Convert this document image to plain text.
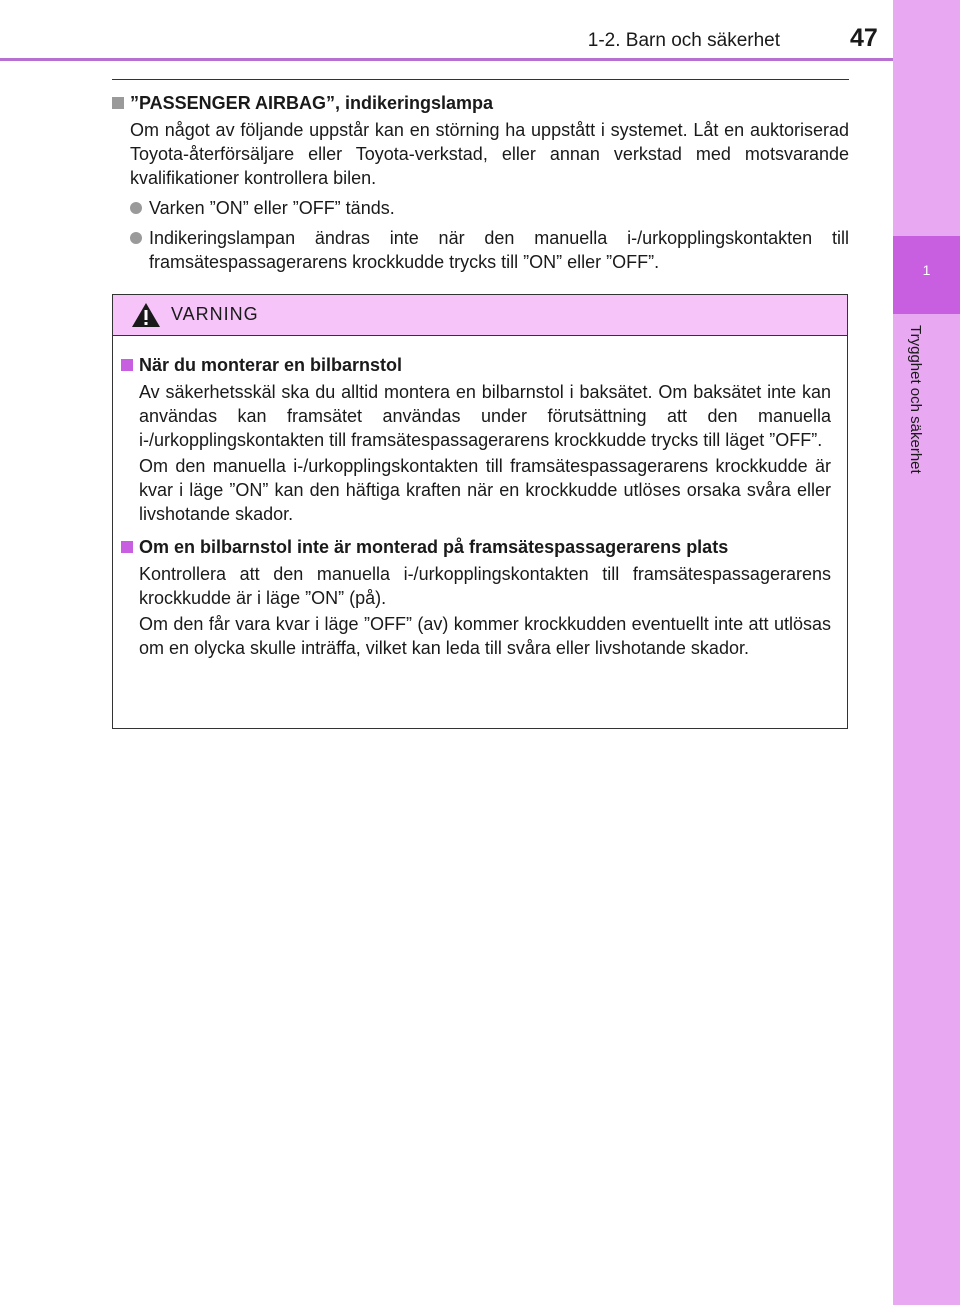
1-2. Barn och säkerhet	47
1
Trygghet och säkerhet
”PASSENGER AIRBAG”, indikeringslampa
Om något av följande uppstår kan en störning ha uppstått i systemet. Låt en auktoriserad Toyota-återförsäljare eller Toyota-verkstad, eller annan verkstad med motsvarande kvalifikationer kontrollera bilen.
Varken ”ON” eller ”OFF” tänds.
Indikeringslampan ändras inte när den manuella i-/urkopplingskontakten till framsätespassagerarens krockkudde trycks till ”ON” eller ”OFF”.
VARNING
När du monterar en bilbarnstol
Av säkerhetsskäl ska du alltid montera en bilbarnstol i baksätet. Om baksätet inte kan användas kan framsätet användas under förutsättning att den manuella i-/urkopplingskontakten till framsätespassagerarens krockkudde trycks till läget ”OFF”.
Om den manuella i-/urkopplingskontakten till framsätespassagerarens krockkudde är kvar i läge ”ON” kan den häftiga kraften när en krockkudde utlöses orsaka svåra eller livshotande skador.
Om en bilbarnstol inte är monterad på framsätespassagerarens plats
Kontrollera att den manuella i-/urkopplingskontakten till framsätespassagerarens krockkudde är i läge ”ON” (på).
Om den får vara kvar i läge ”OFF” (av) kommer krockkudden eventuellt inte att utlösas om en olycka skulle inträffa, vilket kan leda till svåra eller livshotande skador.
